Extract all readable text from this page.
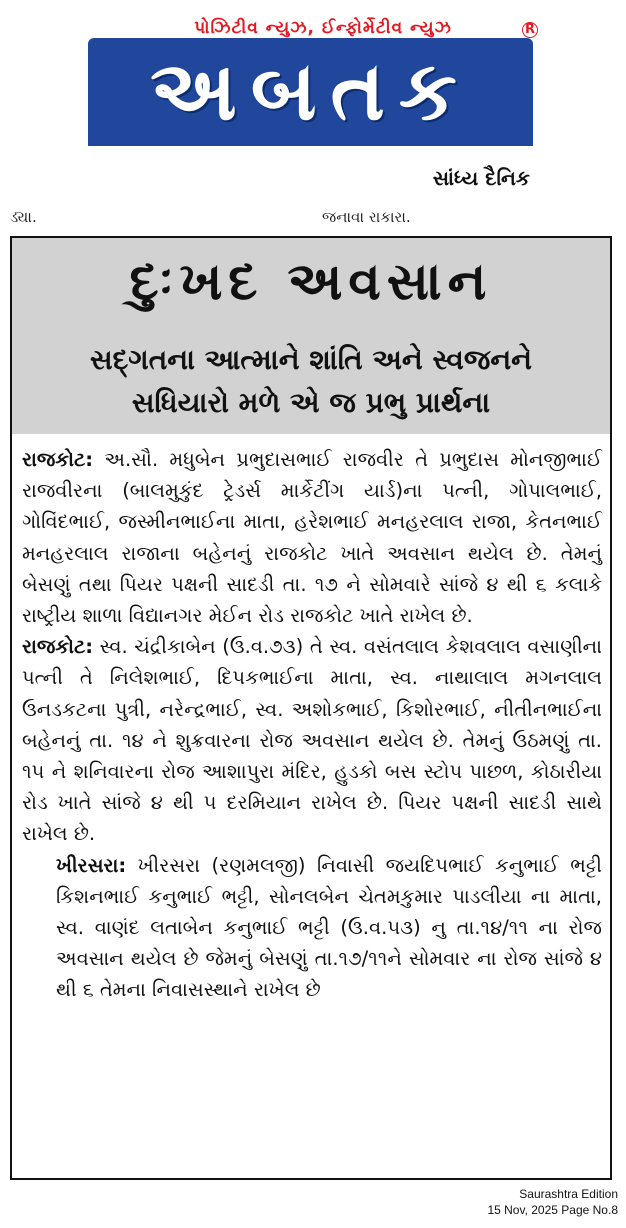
પોઝિટીવ ન્યુઝ, ઈન્ફોર્મેટીવ ન્યુઝ	R
અબતક
સાંધ્ય દૈનિક
ડ્યા.	જનાવા રાકારા.
દુઃખદ અવસાન
સદ્ગતના આત્માને શાંતિ અને સ્વજનને
સધિયારો મળે એ જ પ્રભુ પ્રાર્થના

રાજકોટ: અ.સૌ. મધુબેન પ્રભુદાસભાઈ રાજવીર તે પ્રભુદાસ મોનજીભાઈ રાજવીરના (બાલમુકુંદ ટ્રેડર્સ માર્કેટીંગ યાર્ડ)ના પત્ની, ગોપાલભાઈ, ગોવિંદભાઈ, જસ્મીનભાઈના માતા, હરેશભાઈ મનહરલાલ રાજા, કેતનભાઈ મનહરલાલ રાજાના બહેનનું રાજકોટ ખાતે અવસાન થયેલ છે. તેમનું બેસણું તથા પિયર પક્ષની સાદડી તા. ૧૭ ને સોમવારે સાંજે ૪ થી ૬ કલાકે રાષ્ટ્રીય શાળા વિદ્યાનગર મેઈન રોડ રાજકોટ ખાતે રાખેલ છે.

રાજકોટ: સ્વ. ચંદ્રીકાબેન (ઉ.વ.૭૩) તે સ્વ. વસંતલાલ કેશવલાલ વસાણીના પત્ની તે નિલેશભાઈ, દિપકભાઈના માતા, સ્વ. નાથાલાલ મગનલાલ ઉનડકટના પુત્રી, નરેન્દ્રભાઈ, સ્વ. અશોકભાઈ, કિશોરભાઈ, નીતીનભાઈના બહેનનું તા. ૧૪ ને શુક્રવારના રોજ અવસાન થયેલ છે. તેમનું ઉઠમણું તા. ૧૫ ને શનિવારના રોજ આશાપુરા મંદિર, હુડકો બસ સ્ટોપ પાછળ, કોઠારીયા રોડ ખાતે સાંજે ૪ થી ૫ દરમિયાન રાખેલ છે. પિયર પક્ષની સાદડી સાથે રાખેલ છે.

ખીરસરા: ખીરસરા (રણમલજી) નિવાસી જયદિપભાઈ કનુભાઈ ભટ્ટી કિશનભાઈ કનુભાઈ ભટ્ટી, સોનલબેન ચેતમકુમાર પાડલીયા ના માતા, સ્વ. વાણંદ લતાબેન કનુભાઈ ભટ્ટી (ઉ.વ.૫૩) નુ તા.૧૪/૧૧ ના રોજ અવસાન થયેલ છે જેમનું બેસણું તા.૧૭/૧૧ને સોમવાર ના રોજ સાંજે ૪ થી ૬ તેમના નિવાસસ્થાને રાખેલ છે

Saurashtra Edition
15 Nov, 2025 Page No.8
